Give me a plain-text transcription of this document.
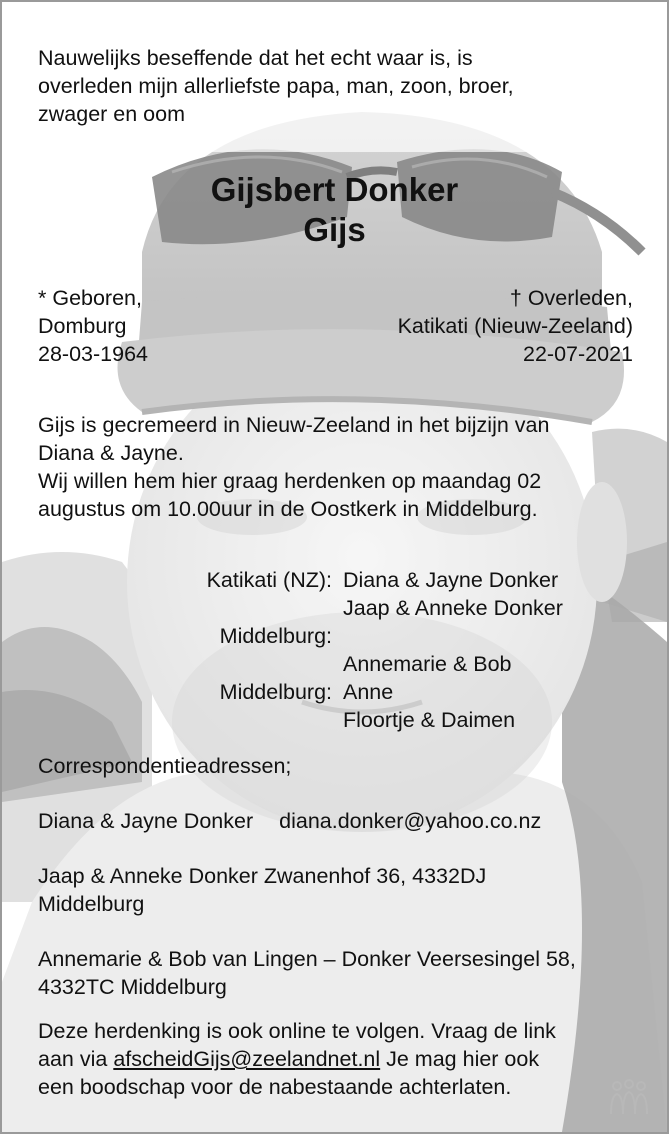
Nauwelijks beseffende dat het echt waar is, is
overleden mijn allerliefste papa, man, zoon, broer,
zwager en oom
Gijsbert Donker
Gijs
* Geboren,
Domburg
28-03-1964
† Overleden,
Katikati (Nieuw-Zeeland)
22-07-2021
Gijs is gecremeerd in Nieuw-Zeeland in het bijzijn van
Diana & Jayne.
Wij willen hem hier graag herdenken op maandag 02
augustus om 10.00uur in de Oostkerk in Middelburg.
Katikati (NZ): Diana & Jayne Donker
Jaap & Anneke Donker
Middelburg:
Annemarie & Bob
Middelburg: Anne
Floortje & Daimen
Correspondentieadressen;
Diana & Jayne Donker diana.donker@yahoo.co.nz
Jaap & Anneke Donker Zwanenhof 36, 4332DJ
Middelburg
Annemarie & Bob van Lingen – Donker Veersesingel 58,
4332TC Middelburg
Deze herdenking is ook online te volgen. Vraag de link
aan via afscheidGijs@zeelandnet.nl Je mag hier ook
een boodschap voor de nabestaande achterlaten.
